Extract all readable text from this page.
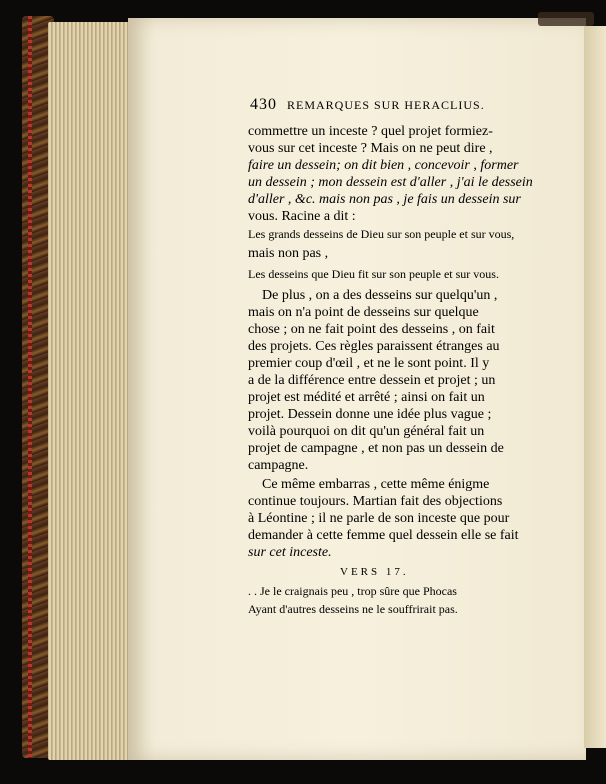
430 REMARQUES SUR HERACLIUS.
commettre un inceste ? quel projet formiez-
vous sur cet inceste ? Mais on ne peut dire ,
faire un dessein; on dit bien , concevoir , former
un dessein ; mon dessein est d'aller , j'ai le dessein
d'aller , &c. mais non pas , je fais un dessein sur
vous. Racine a dit :
Les grands desseins de Dieu sur son peuple et sur vous,
mais non pas ,
Les desseins que Dieu fit sur son peuple et sur vous.
De plus , on a des desseins sur quelqu'un ,
mais on n'a point de desseins sur quelque
chose ; on ne fait point des desseins , on fait
des projets. Ces règles paraissent étranges au
premier coup d'œil , et ne le sont point. Il y
a de la différence entre dessein et projet ; un
projet est médité et arrêté ; ainsi on fait un
projet. Dessein donne une idée plus vague ;
voilà pourquoi on dit qu'un général fait un
projet de campagne , et non pas un dessein de
campagne.
Ce même embarras , cette même énigme
continue toujours. Martian fait des objections
à Léontine ; il ne parle de son inceste que pour
demander à cette femme quel dessein elle se fait
sur cet inceste.
VERS 17.
. . Je le craignais peu , trop sûre que Phocas
Ayant d'autres desseins ne le souffrirait pas.
